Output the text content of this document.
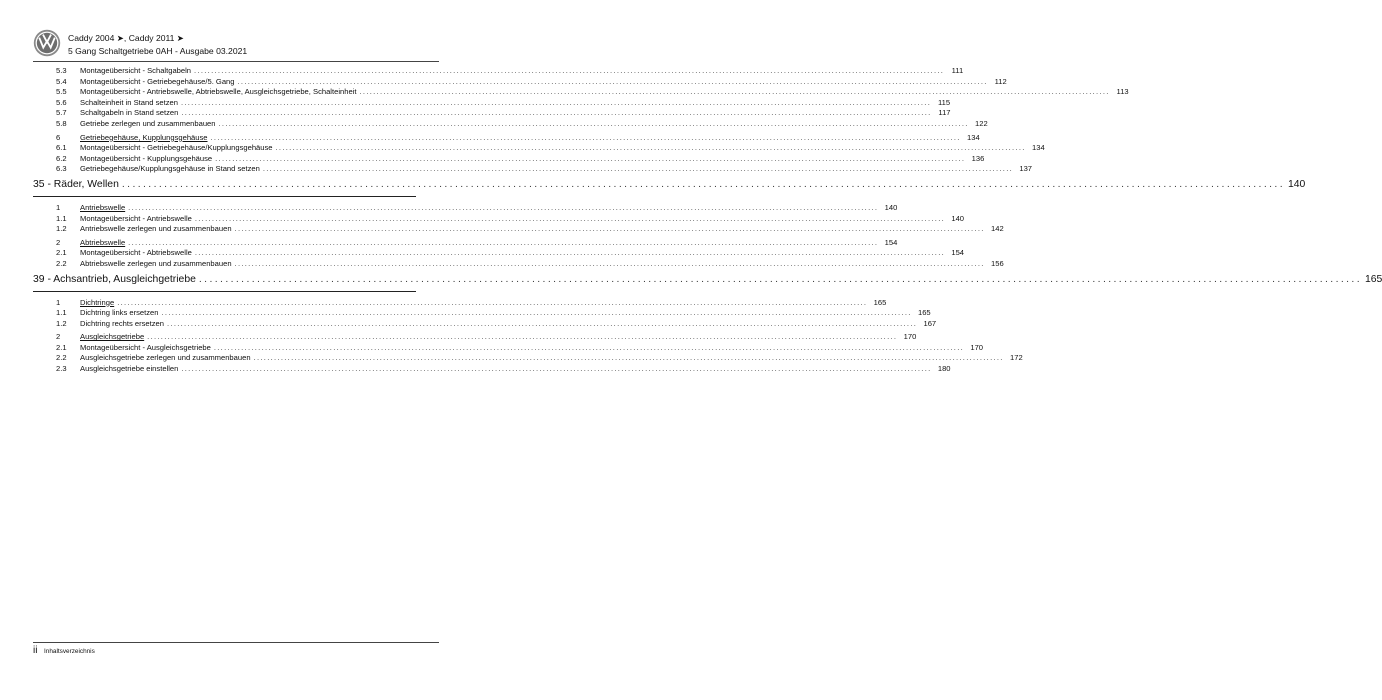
Caddy 2004 ➤, Caddy 2011 ➤
5 Gang Schaltgetriebe 0AH - Ausgabe 03.2021
5.3	Montageübersicht - Schaltgabeln ............................................................................................................................................................................................................................ 111
5.4	Montageübersicht - Getriebegehäuse/5. Gang ............................................................................................................................................................................................................................ 112
5.5	Montageübersicht - Antriebswelle, Abtriebswelle, Ausgleichsgetriebe, Schalteinheit ............................................................................................................................................................................................................................ 113
5.6	Schalteinheit in Stand setzen ............................................................................................................................................................................................................................ 115
5.7	Schaltgabeln in Stand setzen ............................................................................................................................................................................................................................ 117
5.8	Getriebe zerlegen und zusammenbauen ............................................................................................................................................................................................................................ 122
6	Getriebegehäuse, Kupplungsgehäuse ............................................................................................................................................................................................................................ 134
6.1	Montageübersicht - Getriebegehäuse/Kupplungsgehäuse ............................................................................................................................................................................................................................ 134
6.2	Montageübersicht - Kupplungsgehäuse ............................................................................................................................................................................................................................ 136
6.3	Getriebegehäuse/Kupplungsgehäuse in Stand setzen ............................................................................................................................................................................................................................ 137
35 - Räder, Wellen ............................................................................................................................................................................................................................ 140
1	Antriebswelle ............................................................................................................................................................................................................................ 140
1.1	Montageübersicht - Antriebswelle ............................................................................................................................................................................................................................ 140
1.2	Antriebswelle zerlegen und zusammenbauen ............................................................................................................................................................................................................................ 142
2	Abtriebswelle ............................................................................................................................................................................................................................ 154
2.1	Montageübersicht - Abtriebswelle ............................................................................................................................................................................................................................ 154
2.2	Abtriebswelle zerlegen und zusammenbauen ............................................................................................................................................................................................................................ 156
39 - Achsantrieb, Ausgleichgetriebe ............................................................................................................................................................................................................................ 165
1	Dichtringe ............................................................................................................................................................................................................................ 165
1.1	Dichtring links ersetzen ............................................................................................................................................................................................................................ 165
1.2	Dichtring rechts ersetzen ............................................................................................................................................................................................................................ 167
2	Ausgleichsgetriebe ............................................................................................................................................................................................................................ 170
2.1	Montageübersicht - Ausgleichsgetriebe ............................................................................................................................................................................................................................ 170
2.2	Ausgleichsgetriebe zerlegen und zusammenbauen ............................................................................................................................................................................................................................ 172
2.3	Ausgleichsgetriebe einstellen ............................................................................................................................................................................................................................ 180
ii Inhaltsverzeichnis
